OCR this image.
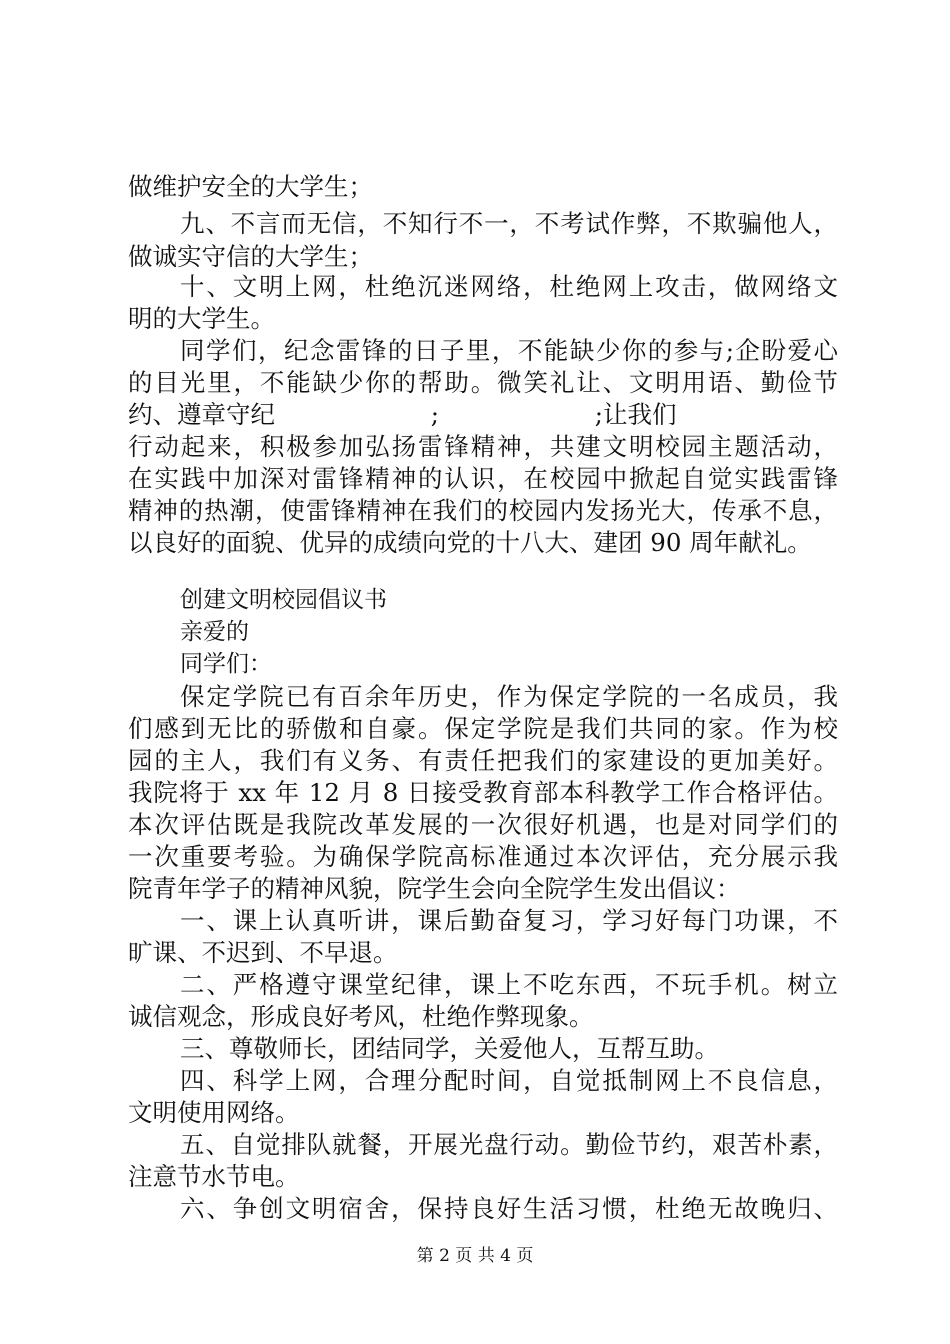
做维护安全的大学生；
九、不言而无信，不知行不一，不考试作弊，不欺骗他人，
做诚实守信的大学生；
十、文明上网，杜绝沉迷网络，杜绝网上攻击，做网络文
明的大学生。
同学们，纪念雷锋的日子里，不能缺少你的参与;企盼爱心
的目光里，不能缺少你的帮助。微笑礼让、文明用语、勤俭节
约、遵章守纪                    ;                    ;让我们
行动起来，积极参加弘扬雷锋精神，共建文明校园主题活动，
在实践中加深对雷锋精神的认识，在校园中掀起自觉实践雷锋
精神的热潮，使雷锋精神在我们的校园内发扬光大，传承不息，
以良好的面貌、优异的成绩向党的十八大、建团 90 周年献礼。
创建文明校园倡议书
亲爱的
同学们：
保定学院已有百余年历史，作为保定学院的一名成员，我
们感到无比的骄傲和自豪。保定学院是我们共同的家。作为校
园的主人，我们有义务、有责任把我们的家建设的更加美好。
我院将于 xx 年 12 月 8 日接受教育部本科教学工作合格评估。
本次评估既是我院改革发展的一次很好机遇，也是对同学们的
一次重要考验。为确保学院高标准通过本次评估，充分展示我
院青年学子的精神风貌，院学生会向全院学生发出倡议：
一、课上认真听讲，课后勤奋复习，学习好每门功课，不
旷课、不迟到、不早退。
二、严格遵守课堂纪律，课上不吃东西，不玩手机。树立
诚信观念，形成良好考风，杜绝作弊现象。
三、尊敬师长，团结同学，关爱他人，互帮互助。
四、科学上网，合理分配时间，自觉抵制网上不良信息，
文明使用网络。
五、自觉排队就餐，开展光盘行动。勤俭节约，艰苦朴素，
注意节水节电。
六、争创文明宿舍，保持良好生活习惯，杜绝无故晚归、
第 2 页 共 4 页
